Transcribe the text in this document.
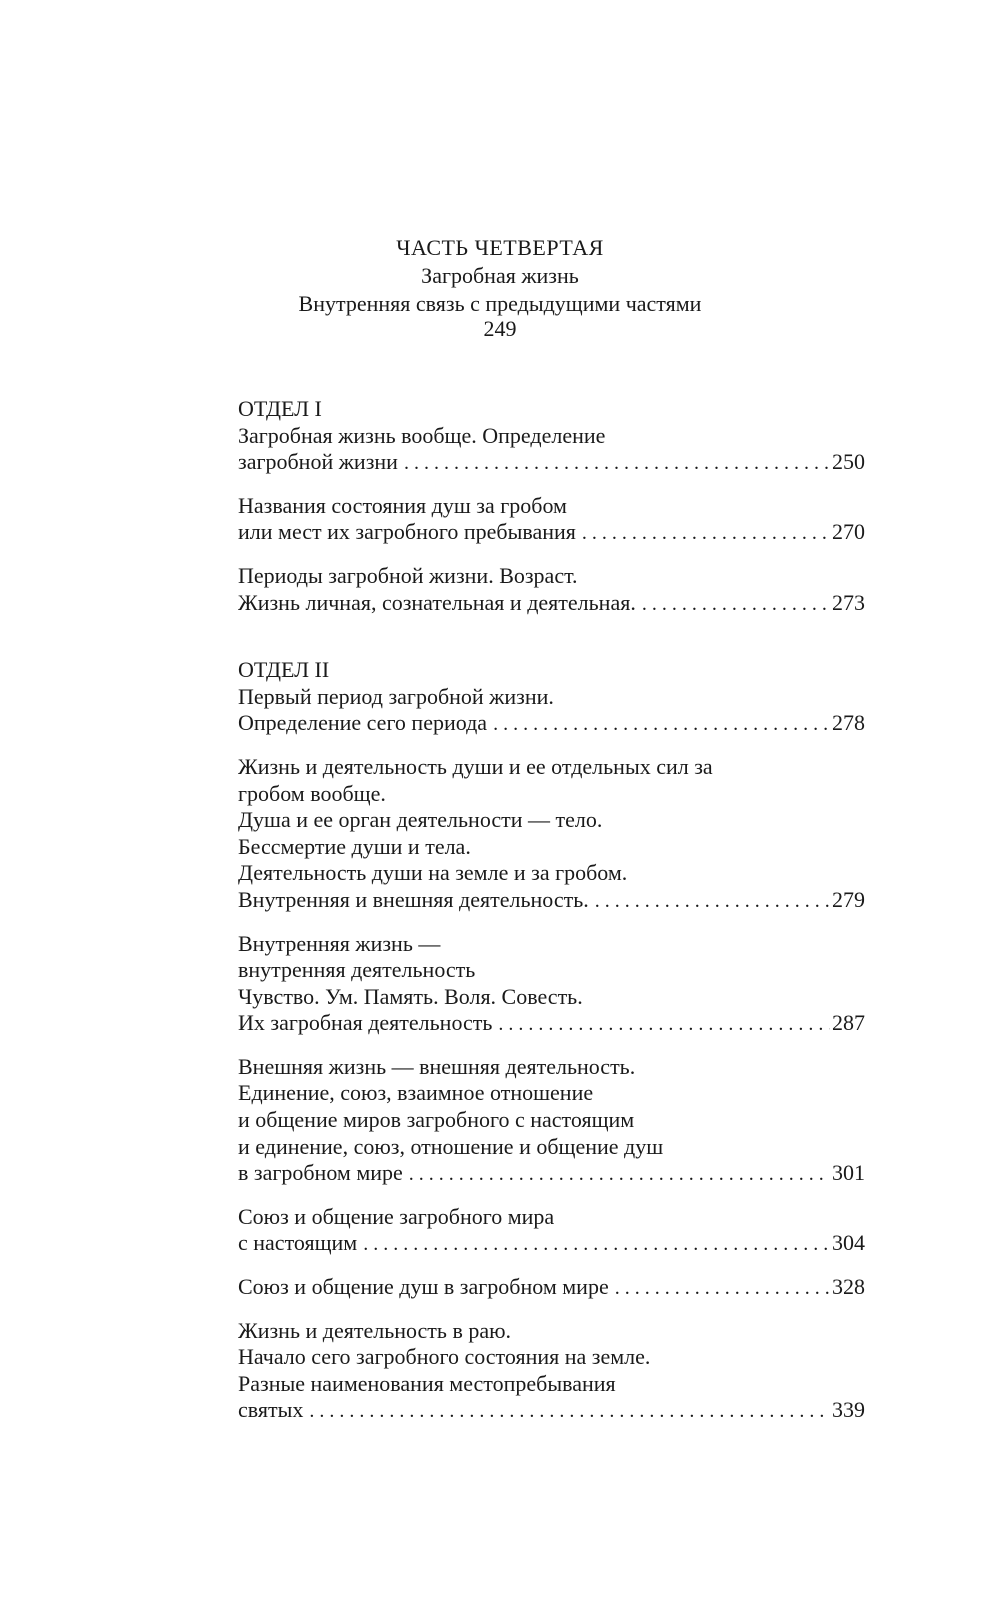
ЧАСТЬ ЧЕТВЕРТАЯ
Загробная жизнь
Внутренняя связь с предыдущими частями
249
ОТДЕЛ I
Загробная жизнь вообще. Определение
загробной жизни . . .	250
Названия состояния душ за гробом
или мест их загробного пребывания . . .	270
Периоды загробной жизни. Возраст.
Жизнь личная, сознательная и деятельная. . . .	273
ОТДЕЛ II
Первый период загробной жизни.
Определение сего периода . . .	278
Жизнь и деятельность души и ее отдельных сил за
гробом вообще.
Душа и ее орган деятельности — тело.
Бессмертие души и тела.
Деятельность души на земле и за гробом.
Внутренняя и внешняя деятельность. . . .	279
Внутренняя жизнь —
внутренняя деятельность
Чувство. Ум. Память. Воля. Совесть.
Их загробная деятельность . . .	287
Внешняя жизнь — внешняя деятельность.
Единение, союз, взаимное отношение
и общение миров загробного с настоящим
и единение, союз, отношение и общение душ
в загробном мире . . .	301
Союз и общение загробного мира
с настоящим . . .	304
Союз и общение душ в загробном мире . . .	328
Жизнь и деятельность в раю.
Начало сего загробного состояния на земле.
Разные наименования местопребывания
святых . . .	339
